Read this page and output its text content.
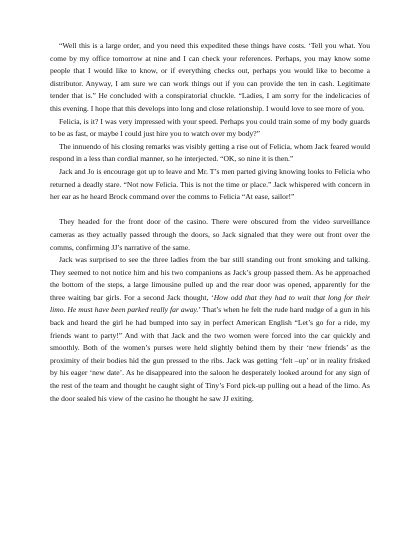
“Well this is a large order, and you need this expedited these things have costs. ‘Tell you what. You come by my office tomorrow at nine and I can check your references. Perhaps, you may know some people that I would like to know, or if everything checks out, perhaps you would like to become a distributor. Anyway, I am sure we can work things out if you can provide the ten in cash. Legitimate tender that is.” He concluded with a conspiratorial chuckle. “Ladies, I am sorry for the indelicacies of this evening. I hope that this develops into long and close relationship. I would love to see more of you.

Felicia, is it? I was very impressed with your speed. Perhaps you could train some of my body guards to be as fast, or maybe I could just hire you to watch over my body?”

The innuendo of his closing remarks was visibly getting a rise out of Felicia, whom Jack feared would respond in a less than cordial manner, so he interjected. “OK, so nine it is then.”

Jack and Jo is encourage got up to leave and Mr. T’s men parted giving knowing looks to Felicia who returned a deadly stare. “Not now Felicia. This is not the time or place.” Jack whispered with concern in her ear as he heard Brock command over the comms to Felicia “At ease, sailor!”

They headed for the front door of the casino. There were obscured from the video surveillance cameras as they actually passed through the doors, so Jack signaled that they were out front over the comms, confirming JJ’s narrative of the same.

Jack was surprised to see the three ladies from the bar still standing out front smoking and talking. They seemed to not notice him and his two companions as Jack’s group passed them. As he approached the bottom of the steps, a large limousine pulled up and the rear door was opened, apparently for the three waiting bar girls. For a second Jack thought, ‘How odd that they had to wait that long for their limo. He must have been parked really far away.’ That’s when he felt the rude hard nudge of a gun in his back and heard the girl he had bumped into say in perfect American English “Let’s go for a ride, my friends want to party!” And with that Jack and the two women were forced into the car quickly and smoothly. Both of the women’s purses were held slightly behind them by their ‘new friends’ as the proximity of their bodies hid the gun pressed to the ribs. Jack was getting ‘felt –up’ or in reality frisked by his eager ‘new date’. As he disappeared into the saloon he desperately looked around for any sign of the rest of the team and thought he caught sight of Tiny’s Ford pick-up pulling out a head of the limo. As the door sealed his view of the casino he thought he saw JJ exiting.
